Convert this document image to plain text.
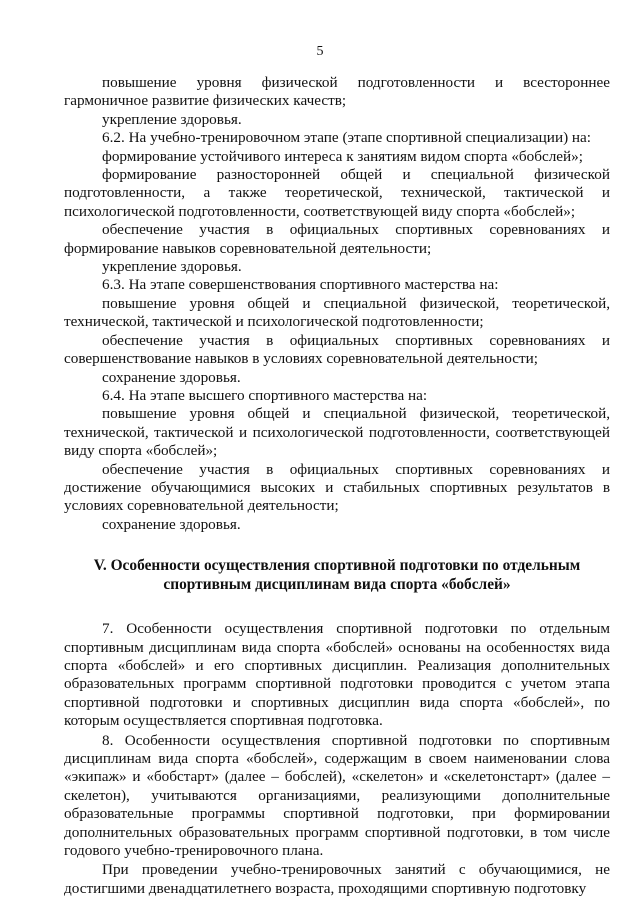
5

повышение уровня физической подготовленности и всестороннее гармоничное развитие физических качеств;

укрепление здоровья.

6.2. На учебно-тренировочном этапе (этапе спортивной специализации) на:

формирование устойчивого интереса к занятиям видом спорта «бобслей»;

формирование разносторонней общей и специальной физической подготовленности, а также теоретической, технической, тактической и психологической подготовленности, соответствующей виду спорта «бобслей»;

обеспечение участия в официальных спортивных соревнованиях и формирование навыков соревновательной деятельности;

укрепление здоровья.

6.3. На этапе совершенствования спортивного мастерства на:

повышение уровня общей и специальной физической, теоретической, технической, тактической и психологической подготовленности;

обеспечение участия в официальных спортивных соревнованиях и совершенствование навыков в условиях соревновательной деятельности;

сохранение здоровья.

6.4. На этапе высшего спортивного мастерства на:

повышение уровня общей и специальной физической, теоретической, технической, тактической и психологической подготовленности, соответствующей виду спорта «бобслей»;

обеспечение участия в официальных спортивных соревнованиях и достижение обучающимися высоких и стабильных спортивных результатов в условиях соревновательной деятельности;

сохранение здоровья.

V. Особенности осуществления спортивной подготовки по отдельным спортивным дисциплинам вида спорта «бобслей»

7. Особенности осуществления спортивной подготовки по отдельным спортивным дисциплинам вида спорта «бобслей» основаны на особенностях вида спорта «бобслей» и его спортивных дисциплин. Реализация дополнительных образовательных программ спортивной подготовки проводится с учетом этапа спортивной подготовки и спортивных дисциплин вида спорта «бобслей», по которым осуществляется спортивная подготовка.

8. Особенности осуществления спортивной подготовки по спортивным дисциплинам вида спорта «бобслей», содержащим в своем наименовании слова «экипаж» и «бобстарт» (далее – бобслей), «скелетон» и «скелетонстарт» (далее – скелетон), учитываются организациями, реализующими дополнительные образовательные программы спортивной подготовки, при формировании дополнительных образовательных программ спортивной подготовки, в том числе годового учебно-тренировочного плана.

При проведении учебно-тренировочных занятий с обучающимися, не достигшими двенадцатилетнего возраста, проходящими спортивную подготовку
